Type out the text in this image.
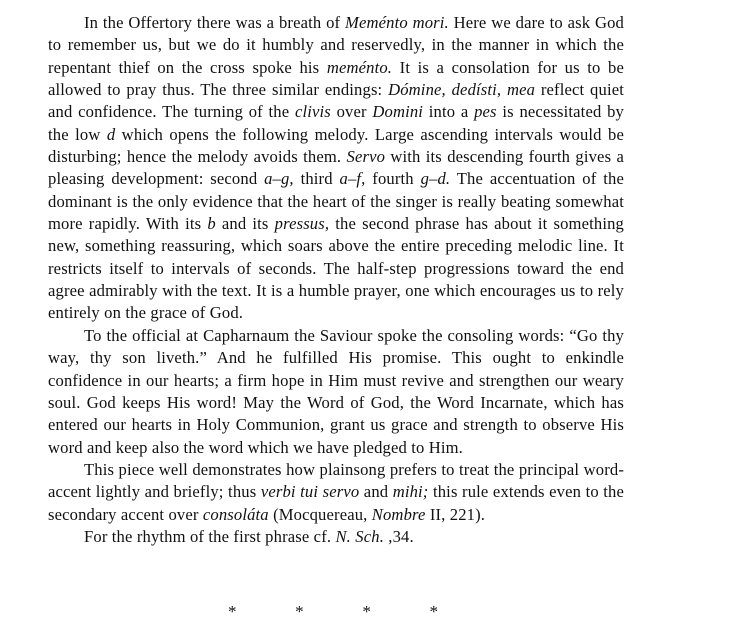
In the Offertory there was a breath of Meménto mori. Here we dare to ask God to remember us, but we do it humbly and reservedly, in the manner in which the repentant thief on the cross spoke his meménto. It is a consolation for us to be allowed to pray thus. The three similar endings: Dómine, dedísti, mea reflect quiet and confidence. The turning of the clivis over Domini into a pes is necessitated by the low d which opens the following melody. Large ascending intervals would be disturbing; hence the melody avoids them. Servo with its descending fourth gives a pleasing development: second a–g, third a–f, fourth g–d. The accentuation of the dominant is the only evidence that the heart of the singer is really beating somewhat more rapidly. With its b and its pressus, the second phrase has about it something new, something reassuring, which soars above the entire preceding melodic line. It restricts itself to intervals of seconds. The half-step progressions toward the end agree admirably with the text. It is a humble prayer, one which encourages us to rely entirely on the grace of God.

To the official at Capharnaum the Saviour spoke the consoling words: “Go thy way, thy son liveth.” And he fulfilled His promise. This ought to enkindle confidence in our hearts; a firm hope in Him must revive and strengthen our weary soul. God keeps His word! May the Word of God, the Word Incarnate, which has entered our hearts in Holy Communion, grant us grace and strength to observe His word and keep also the word which we have pledged to Him.

This piece well demonstrates how plainsong prefers to treat the principal word-accent lightly and briefly; thus verbi tui servo and mihi; this rule extends even to the secondary accent over consoláta (Mocquereau, Nombre II, 221).

For the rhythm of the first phrase cf. N. Sch. ,34.

*	*	*	*
